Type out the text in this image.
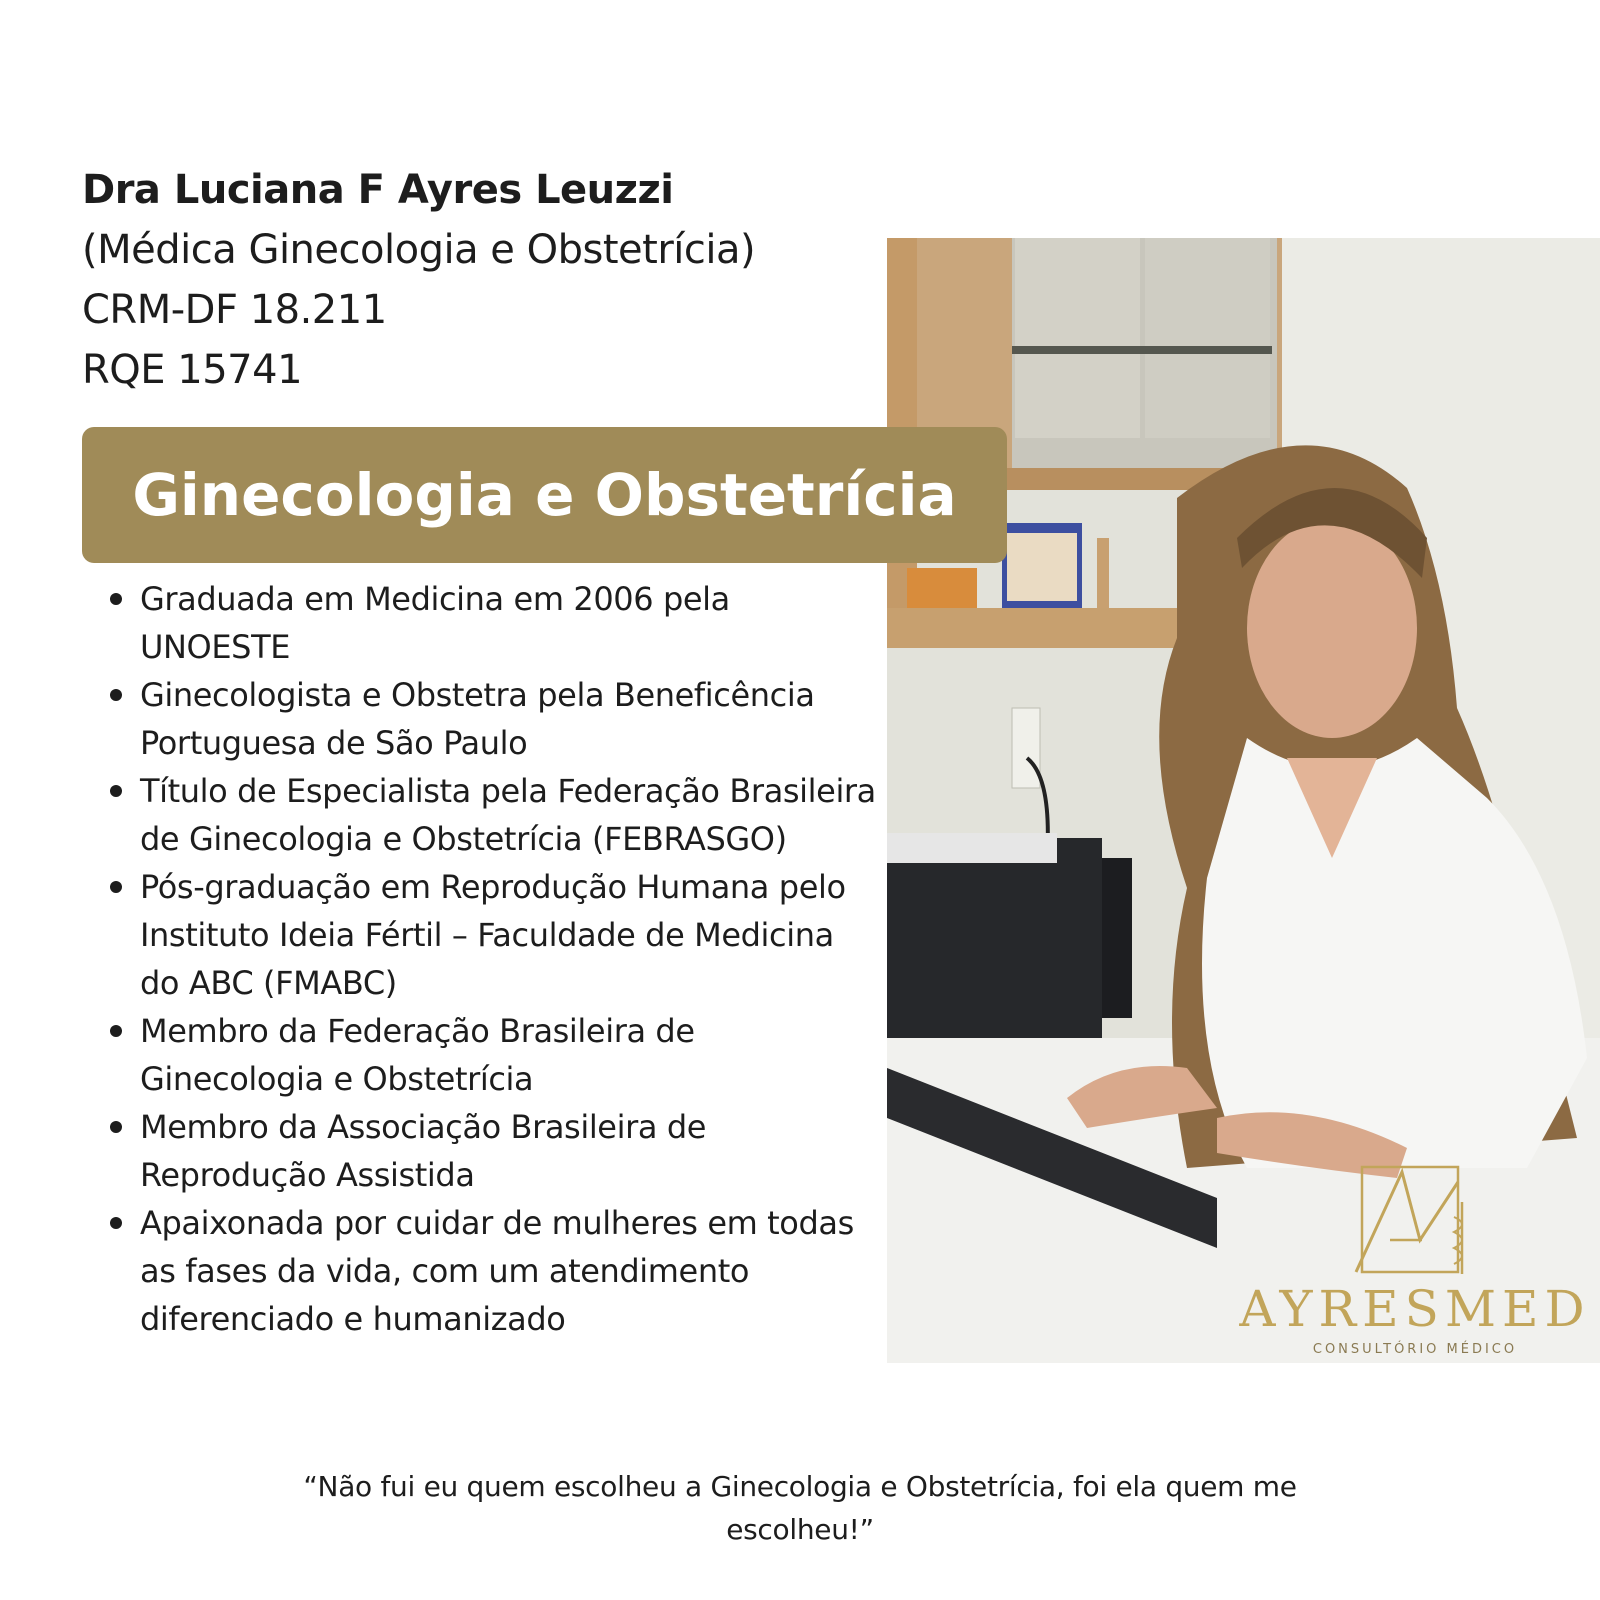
Dra Luciana F Ayres Leuzzi
(Médica Ginecologia e Obstetrícia)
CRM-DF 18.211
RQE 15741
Ginecologia e Obstetrícia
Graduada em Medicina em 2006 pela UNOESTE
Ginecologista e Obstetra pela Beneficência Portuguesa de São Paulo
Título de Especialista pela Federação Brasileira de Ginecologia e Obstetrícia (FEBRASGO)
Pós-graduação em Reprodução Humana pelo Instituto Ideia Fértil – Faculdade de Medicina do ABC (FMABC)
Membro da Federação Brasileira de Ginecologia e Obstetrícia
Membro da Associação Brasileira de Reprodução Assistida
Apaixonada por cuidar de mulheres em todas as fases da vida, com um atendimento diferenciado e humanizado	AYRESMED
CONSULTÓRIO MÉDICO
“Não fui eu quem escolheu a Ginecologia e Obstetrícia, foi ela quem me escolheu!”
